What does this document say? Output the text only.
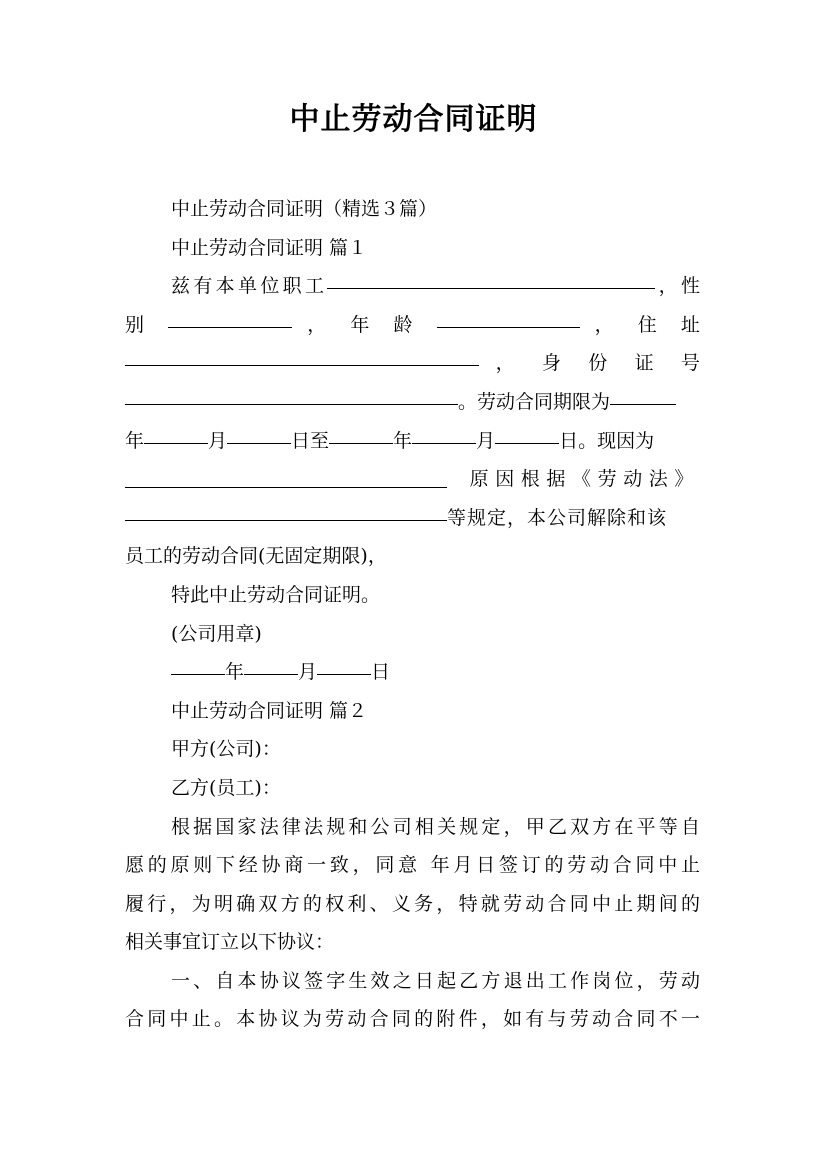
中止劳动合同证明

中止劳动合同证明（精选３篇）

中止劳动合同证明 篇１

兹有本单位职工	，性

别	， 年 龄	， 住 址

， 身 份 证 号

。劳动合同期限为

年	月	日至	年	月	日。现因为

原因根据《劳动法》

等规定，本公司解除和该

员工的劳动合同(无固定期限)，

特此中止劳动合同证明。

(公司用章)

年	月	日

中止劳动合同证明 篇２

甲方(公司)：

乙方(员工)：

根据国家法律法规和公司相关规定，甲乙双方在平等自

愿的原则下经协商一致，同意 年月日签订的劳动合同中止

履行，为明确双方的权利、义务，特就劳动合同中止期间的

相关事宜订立以下协议：

一、自本协议签字生效之日起乙方退出工作岗位，劳动

合同中止。本协议为劳动合同的附件，如有与劳动合同不一
